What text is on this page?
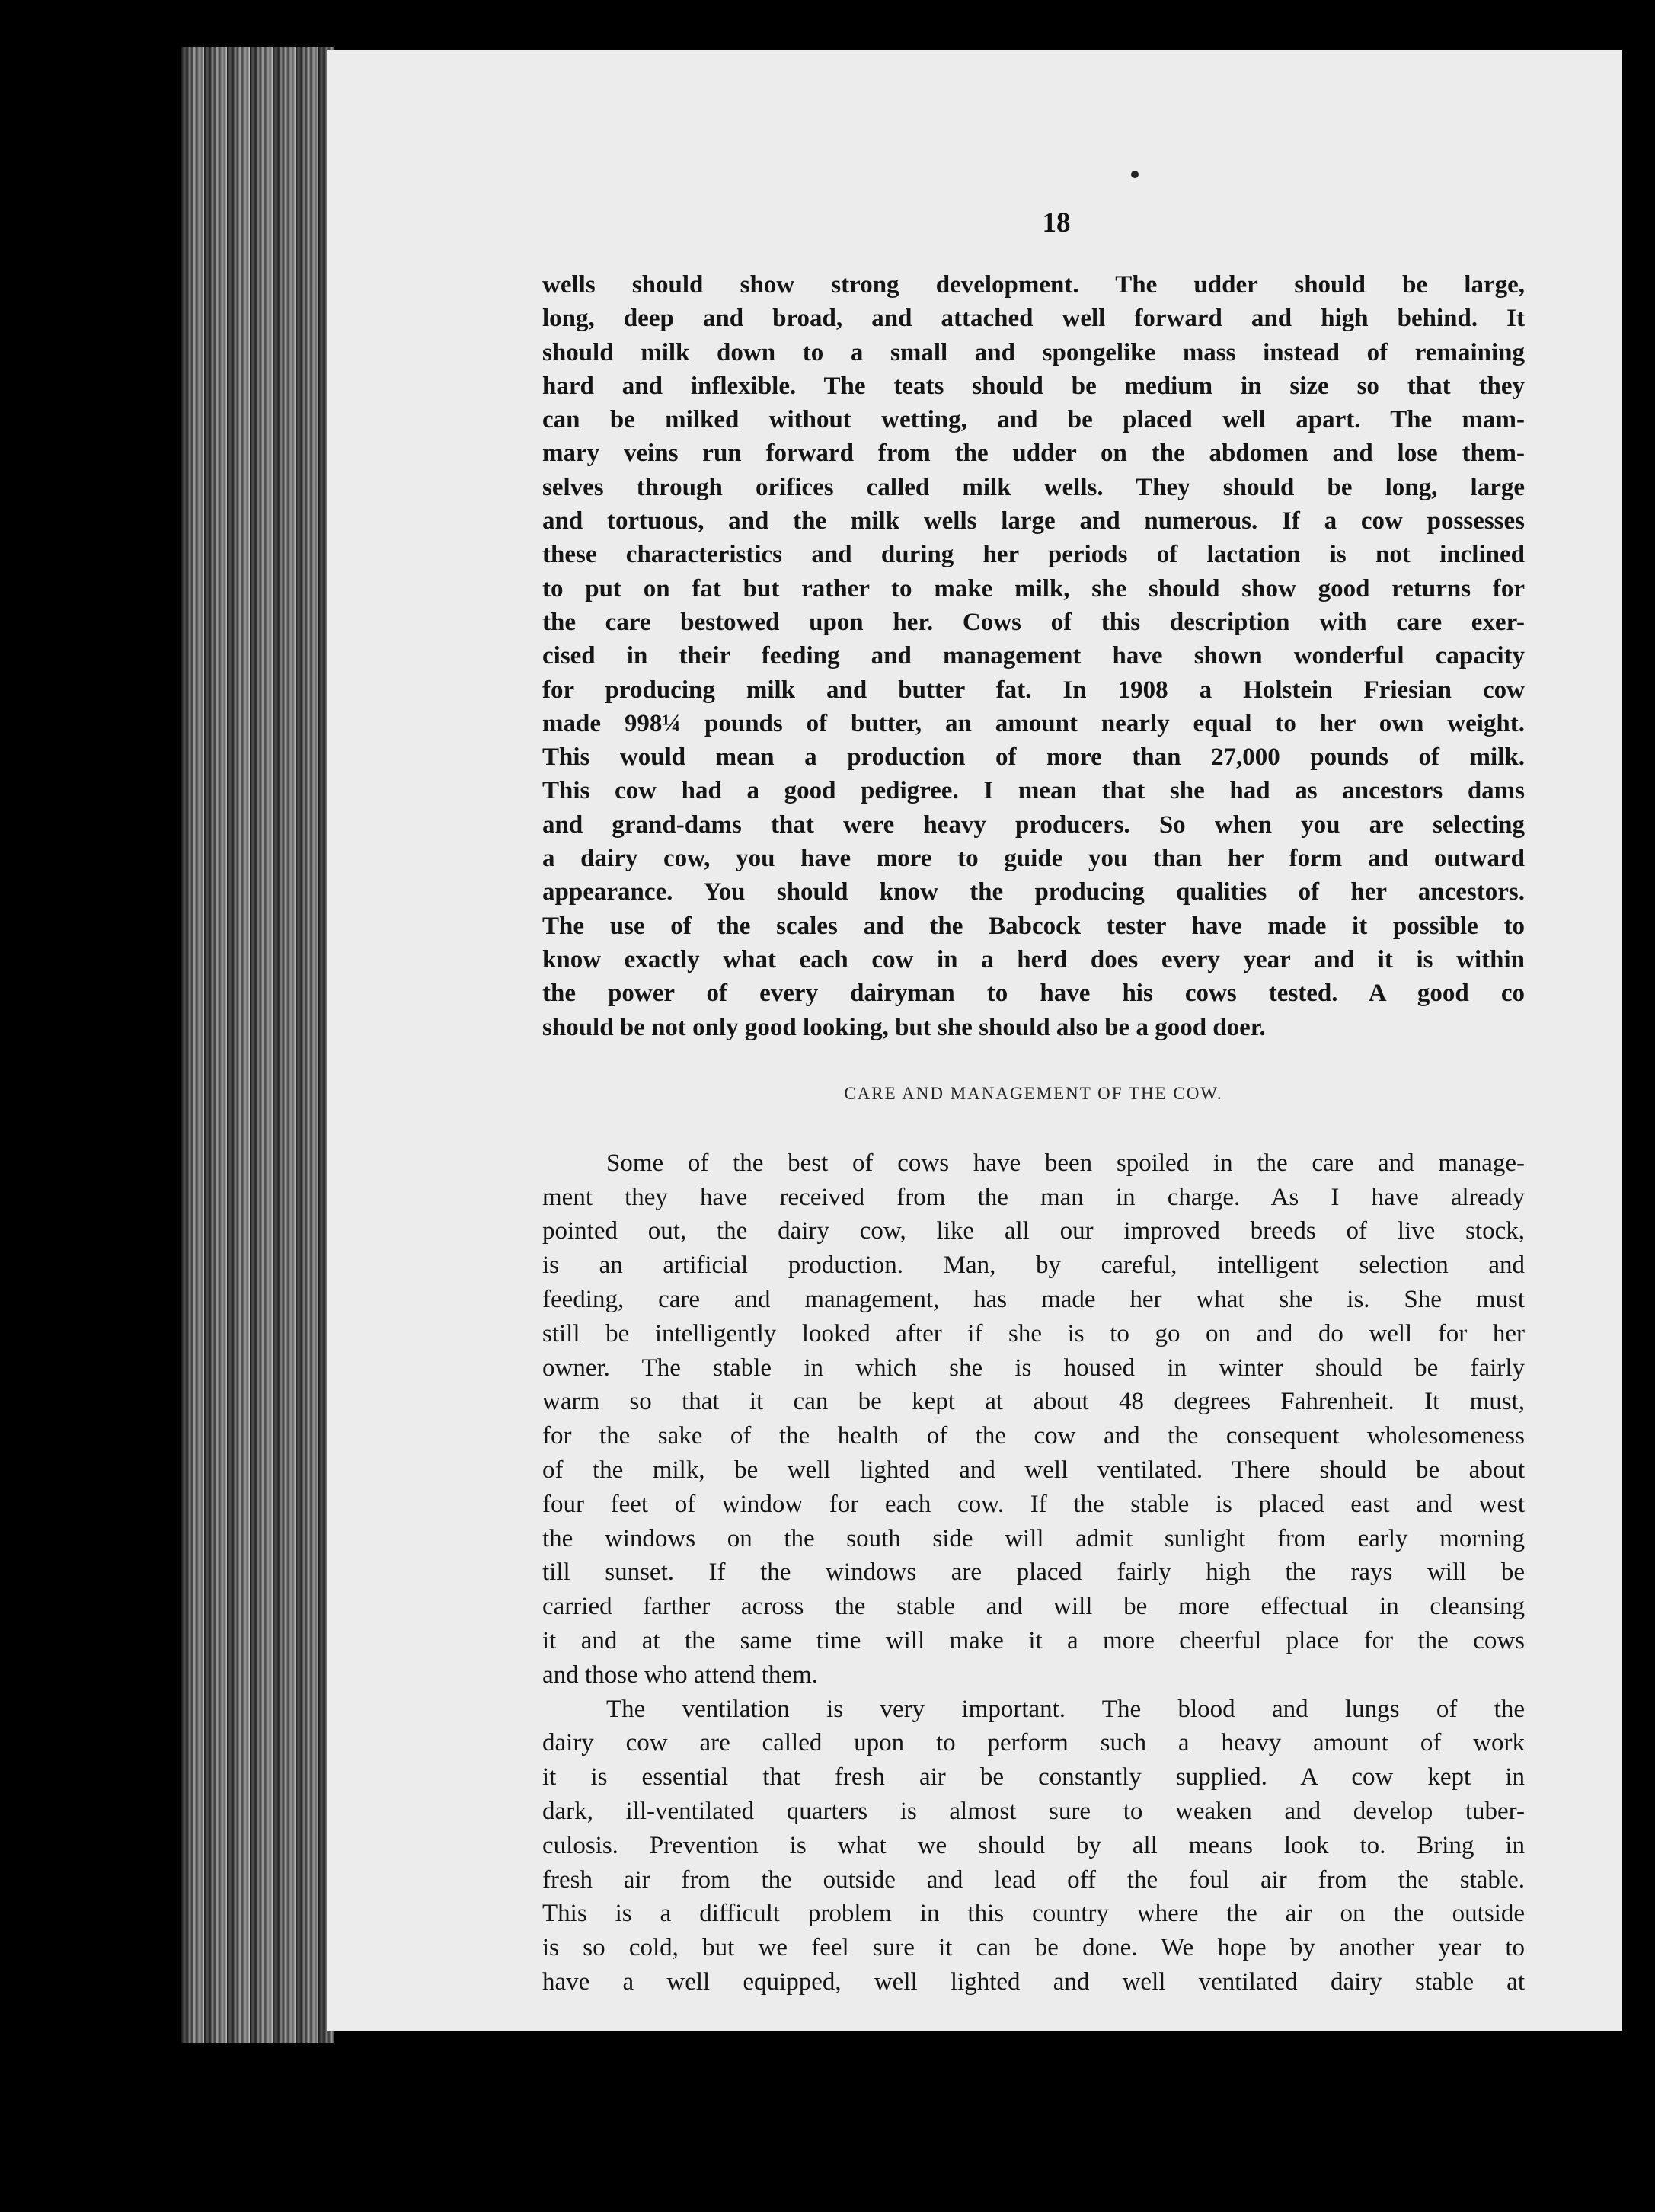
18
wells should show strong development. The udder should be large,
long, deep and broad, and attached well forward and high behind. It
should milk down to a small and spongelike mass instead of remaining
hard and inflexible. The teats should be medium in size so that they
can be milked without wetting, and be placed well apart. The mam-
mary veins run forward from the udder on the abdomen and lose them-
selves through orifices called milk wells. They should be long, large
and tortuous, and the milk wells large and numerous. If a cow possesses
these characteristics and during her periods of lactation is not inclined
to put on fat but rather to make milk, she should show good returns for
the care bestowed upon her. Cows of this description with care exer-
cised in their feeding and management have shown wonderful capacity
for producing milk and butter fat. In 1908 a Holstein Friesian cow
made 998¼ pounds of butter, an amount nearly equal to her own weight.
This would mean a production of more than 27,000 pounds of milk.
This cow had a good pedigree. I mean that she had as ancestors dams
and grand-dams that were heavy producers. So when you are selecting
a dairy cow, you have more to guide you than her form and outward
appearance. You should know the producing qualities of her ancestors.
The use of the scales and the Babcock tester have made it possible to
know exactly what each cow in a herd does every year and it is within
the power of every dairyman to have his cows tested. A good co
should be not only good looking, but she should also be a good doer.
CARE AND MANAGEMENT OF THE COW.
Some of the best of cows have been spoiled in the care and manage-
ment they have received from the man in charge. As I have already
pointed out, the dairy cow, like all our improved breeds of live stock,
is an artificial production. Man, by careful, intelligent selection and
feeding, care and management, has made her what she is. She must
still be intelligently looked after if she is to go on and do well for her
owner. The stable in which she is housed in winter should be fairly
warm so that it can be kept at about 48 degrees Fahrenheit. It must,
for the sake of the health of the cow and the consequent wholesomeness
of the milk, be well lighted and well ventilated. There should be about
four feet of window for each cow. If the stable is placed east and west
the windows on the south side will admit sunlight from early morning
till sunset. If the windows are placed fairly high the rays will be
carried farther across the stable and will be more effectual in cleansing
it and at the same time will make it a more cheerful place for the cows
and those who attend them.
The ventilation is very important. The blood and lungs of the
dairy cow are called upon to perform such a heavy amount of work
it is essential that fresh air be constantly supplied. A cow kept in
dark, ill-ventilated quarters is almost sure to weaken and develop tuber-
culosis. Prevention is what we should by all means look to. Bring in
fresh air from the outside and lead off the foul air from the stable.
This is a difficult problem in this country where the air on the outside
is so cold, but we feel sure it can be done. We hope by another year to
have a well equipped, well lighted and well ventilated dairy stable at
